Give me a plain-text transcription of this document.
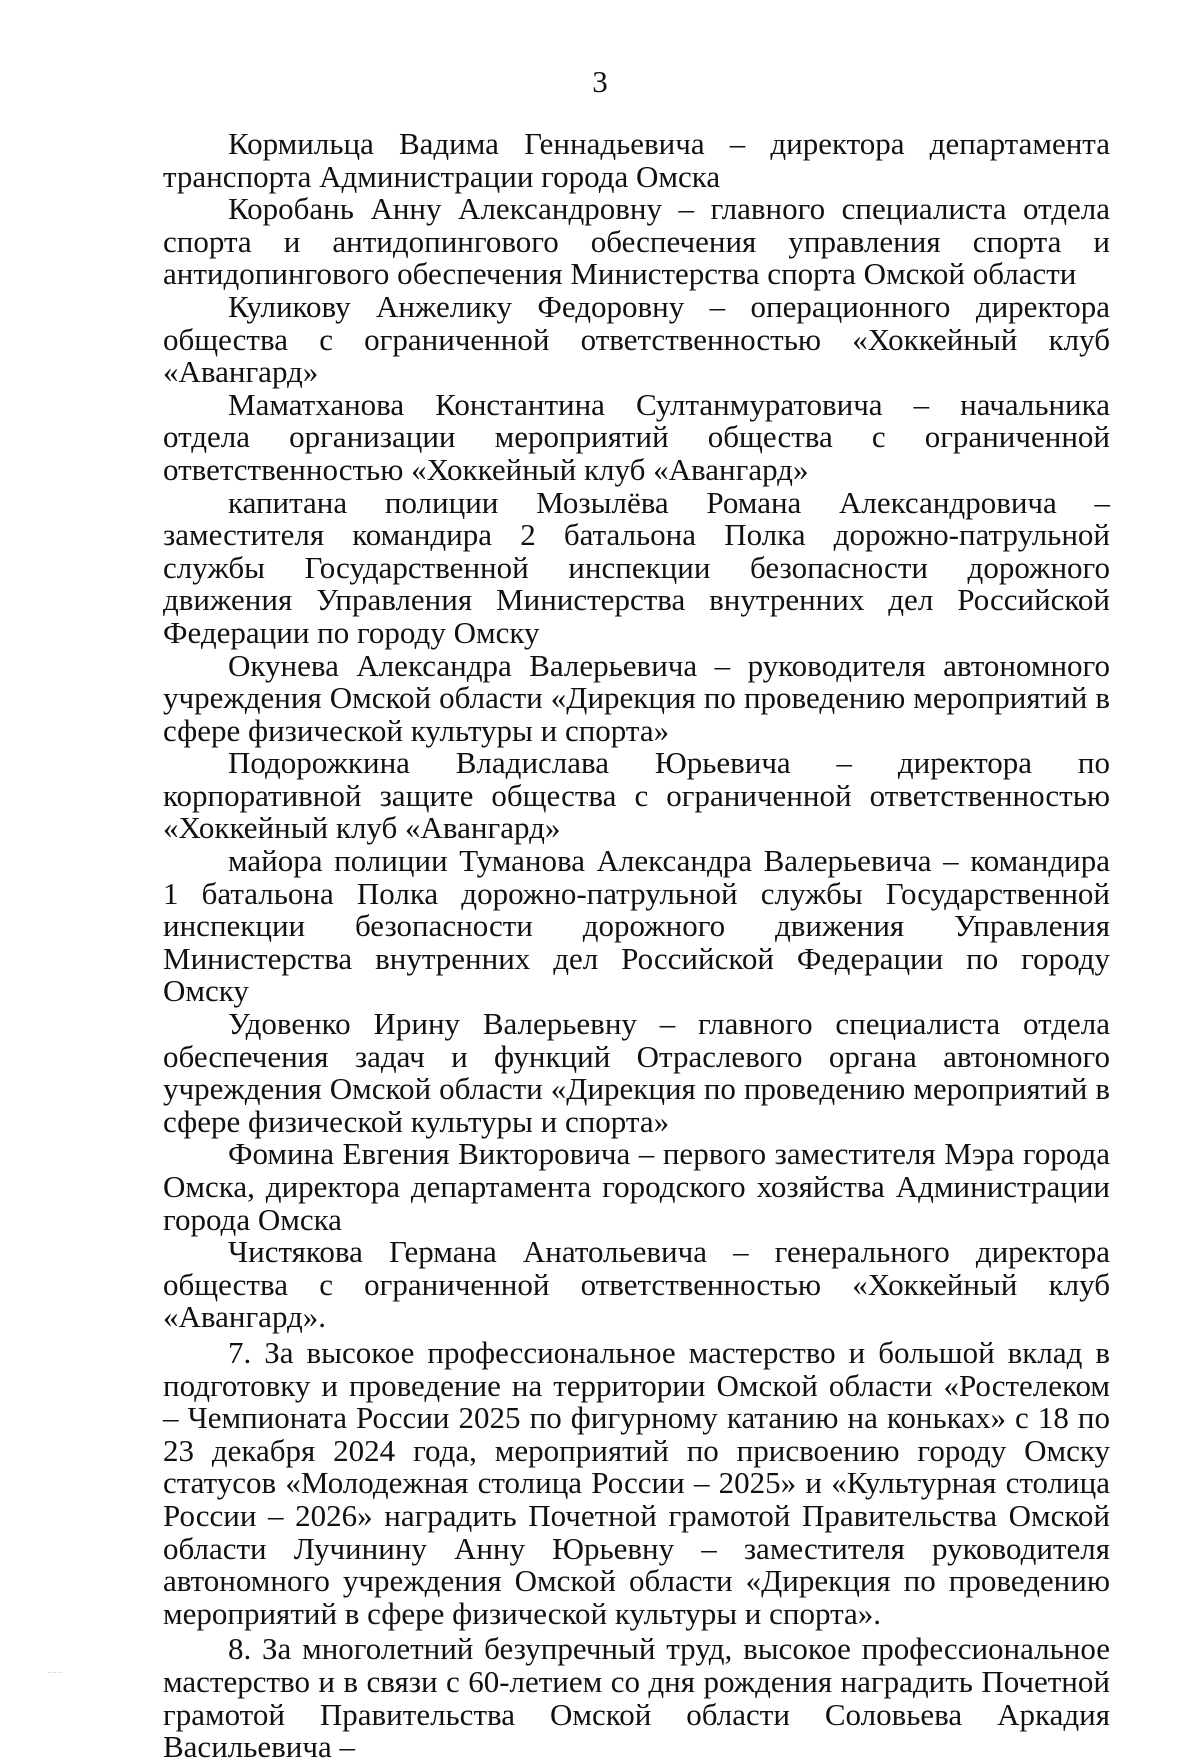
3

Кормильца Вадима Геннадьевича – директора департамента транспорта Администрации города Омска

Коробань Анну Александровну – главного специалиста отдела спорта и антидопингового обеспечения управления спорта и антидопингового обеспечения Министерства спорта Омской области

Куликову Анжелику Федоровну – операционного директора общества с ограниченной ответственностью «Хоккейный клуб «Авангард»

Маматханова Константина Султанмуратовича – начальника отдела организации мероприятий общества с ограниченной ответственностью «Хоккейный клуб «Авангард»

капитана полиции Мозылёва Романа Александровича – заместителя командира 2 батальона Полка дорожно-патрульной службы Государственной инспекции безопасности дорожного движения Управления Министерства внутренних дел Российской Федерации по городу Омску

Окунева Александра Валерьевича – руководителя автономного учреждения Омской области «Дирекция по проведению мероприятий в сфере физической культуры и спорта»

Подорожкина Владислава Юрьевича – директора по корпоративной защите общества с ограниченной ответственностью «Хоккейный клуб «Авангард»

майора полиции Туманова Александра Валерьевича – командира 1 батальона Полка дорожно-патрульной службы Государственной инспекции безопасности дорожного движения Управления Министерства внутренних дел Российской Федерации по городу Омску

Удовенко Ирину Валерьевну – главного специалиста отдела обеспечения задач и функций Отраслевого органа автономного учреждения Омской области «Дирекция по проведению мероприятий в сфере физической культуры и спорта»

Фомина Евгения Викторовича – первого заместителя Мэра города Омска, директора департамента городского хозяйства Администрации города Омска

Чистякова Германа Анатольевича – генерального директора общества с ограниченной ответственностью «Хоккейный клуб «Авангард».

7. За высокое профессиональное мастерство и большой вклад в подготовку и проведение на территории Омской области «Ростелеком – Чемпионата России 2025 по фигурному катанию на коньках» с 18 по 23 декабря 2024 года, мероприятий по присвоению городу Омску статусов «Молодежная столица России – 2025» и «Культурная столица России – 2026» наградить Почетной грамотой Правительства Омской области Лучинину Анну Юрьевну – заместителя руководителя автономного учреждения Омской области «Дирекция по проведению мероприятий в сфере физической культуры и спорта».

8. За многолетний безупречный труд, высокое профессиональное мастерство и в связи с 60-летием со дня рождения наградить Почетной грамотой Правительства Омской области Соловьева Аркадия Васильевича –
